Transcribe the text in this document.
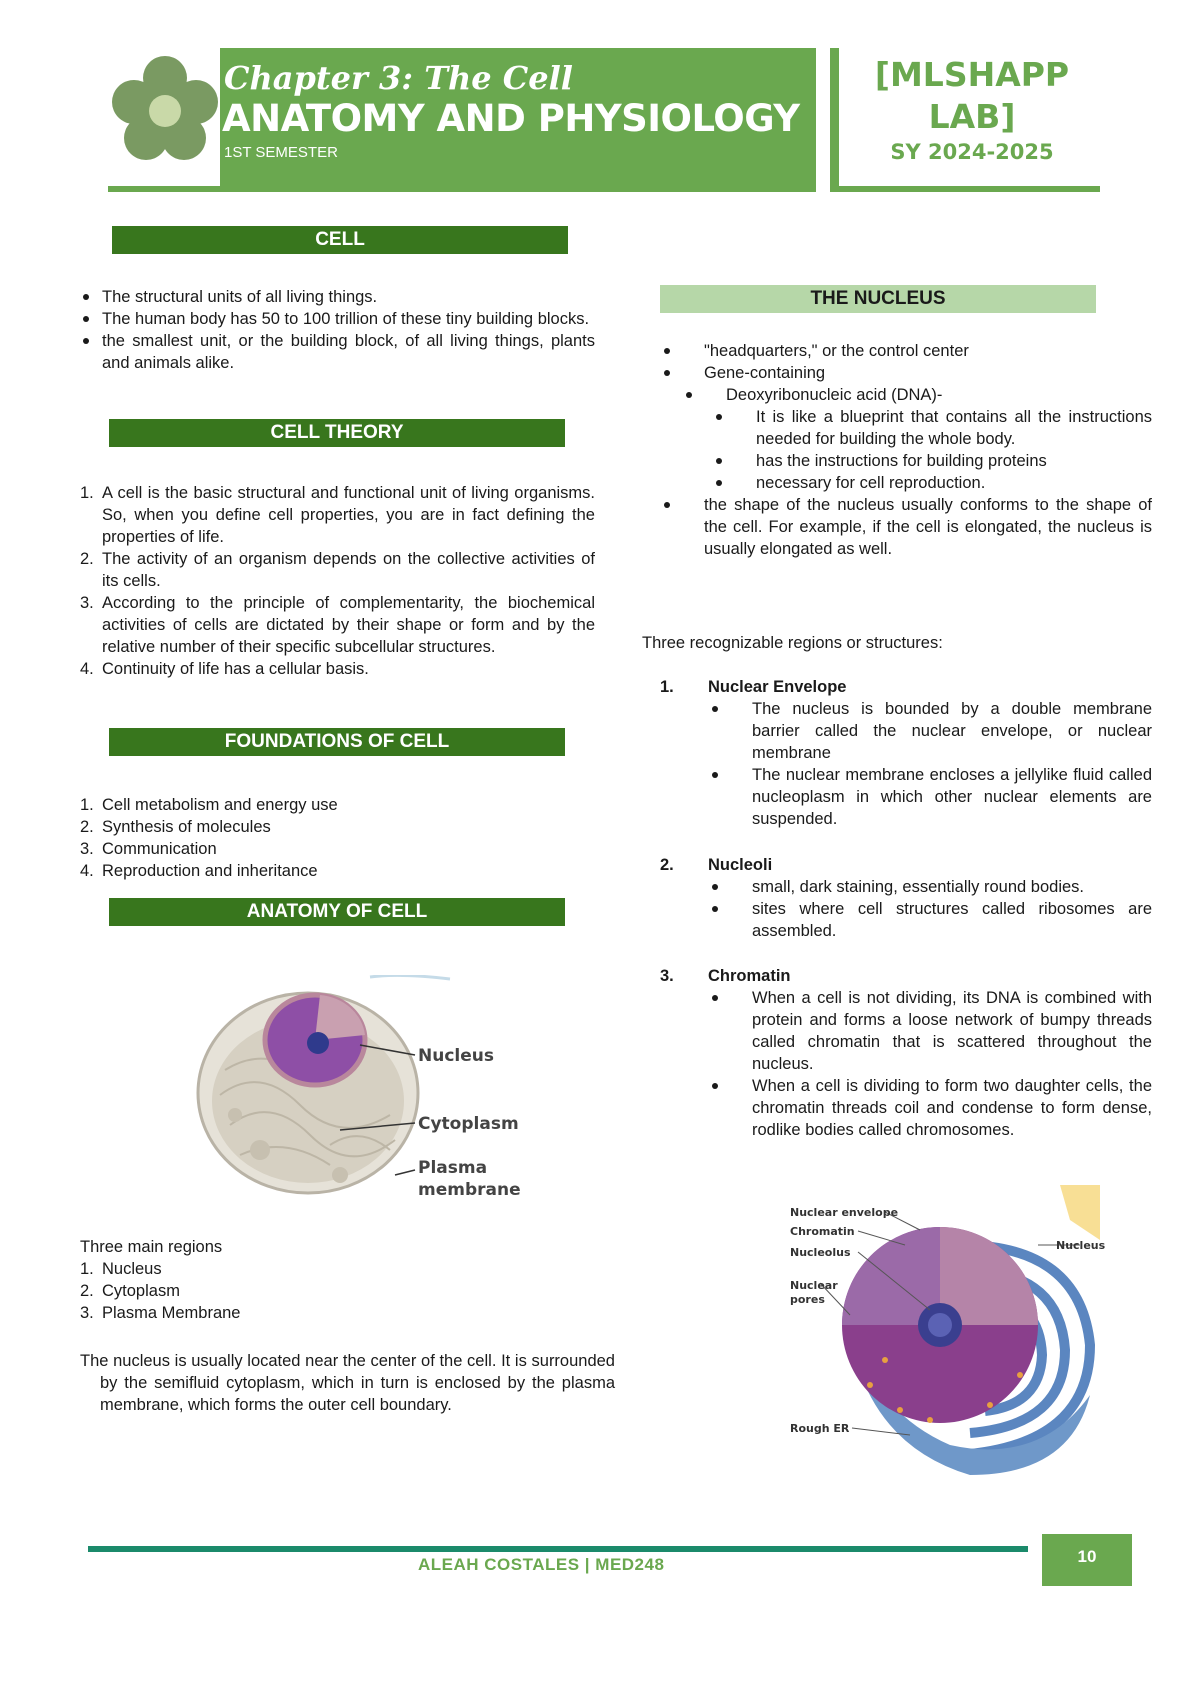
Chapter 3: The Cell
ANATOMY AND PHYSIOLOGY
1ST SEMESTER
[MLSHAPP
LAB]
SY 2024-2025
CELL
The structural units of all living things.
The human body has 50 to 100 trillion of these tiny building blocks.
the smallest unit, or the building block, of all living things, plants and animals alike.
CELL THEORY
1. A cell is the basic structural and functional unit of living organisms. So, when you define cell properties, you are in fact defining the properties of life.
2. The activity of an organism depends on the collective activities of its cells.
3. According to the principle of complementarity, the biochemical activities of cells are dictated by their shape or form and by the relative number of their specific subcellular structures.
4. Continuity of life has a cellular basis.
FOUNDATIONS OF CELL
1. Cell metabolism and energy use
2. Synthesis of molecules
3. Communication
4. Reproduction and inheritance
ANATOMY OF CELL
Nucleus
Cytoplasm
Plasma
membrane
Three main regions
1. Nucleus
2. Cytoplasm
3. Plasma Membrane
The nucleus is usually located near the center of the cell. It is surrounded by the semifluid cytoplasm, which in turn is enclosed by the plasma membrane, which forms the outer cell boundary.
THE NUCLEUS
"headquarters," or the control center
Gene-containing
Deoxyribonucleic acid (DNA)-
It is like a blueprint that contains all the instructions needed for building the whole body.
has the instructions for building proteins
necessary for cell reproduction.
the shape of the nucleus usually conforms to the shape of the cell. For example, if the cell is elongated, the nucleus is usually elongated as well.
Three recognizable regions or structures:
1.	Nuclear Envelope
The nucleus is bounded by a double membrane barrier called the nuclear envelope, or nuclear membrane
The nuclear membrane encloses a jellylike fluid called nucleoplasm in which other nuclear elements are suspended.
2.	Nucleoli
small, dark staining, essentially round bodies.
sites where cell structures called ribosomes are assembled.
3.	Chromatin
When a cell is not dividing, its DNA is combined with protein and forms a loose network of bumpy threads called chromatin that is scattered throughout the nucleus.
When a cell is dividing to form two daughter cells, the chromatin threads coil and condense to form dense, rodlike bodies called chromosomes.
Nuclear envelope
Chromatin
Nucleolus
Nuclear
pores
Nucleus
Rough ER
ALEAH COSTALES | MED248	10
